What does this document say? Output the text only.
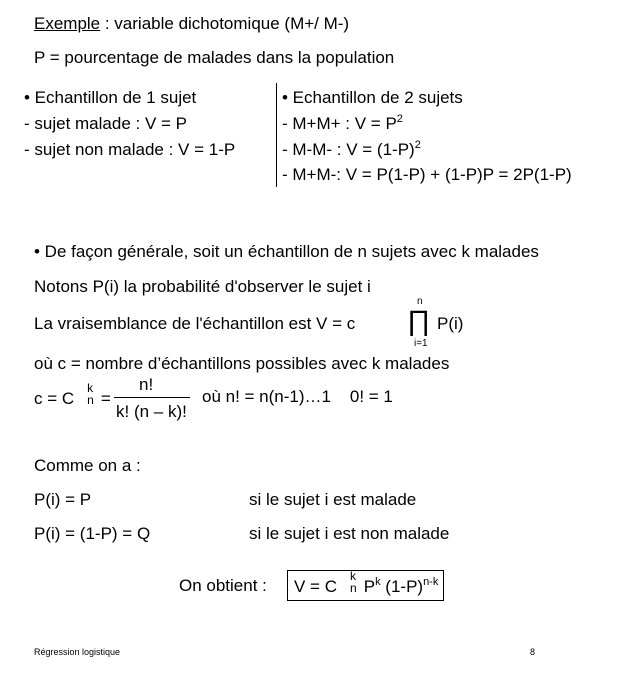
Exemple : variable dichotomique (M+/ M-)
P = pourcentage de malades dans la population
• Echantillon de 1 sujet
- sujet malade : V = P
- sujet non malade : V = 1-P
• Echantillon de 2 sujets
- M+M+ : $V = P^2$
- M-M- : $V = (1-P)^2$
- M+M-: V = P(1-P) + (1-P)P = 2P(1-P)
• De façon générale, soit un échantillon de n sujets avec k malades
Notons P(i) la probabilité d'observer le sujet i
La vraisemblance de l'échantillon est V = c
n
∏
i=1
P(i)
où c = nombre d’échantillons possibles avec k malades
c = C
k
n =
n!
k! (n – k)!
où n! = n(n-1)…1    0! = 1
Comme on a :
P(i) = P	si le sujet i est malade
P(i) = (1-P) = Q	si le sujet i est non malade
On obtient :	V = C
k
n $P^k$ $(1-P)^{n-k}$
Régression logistique	8
